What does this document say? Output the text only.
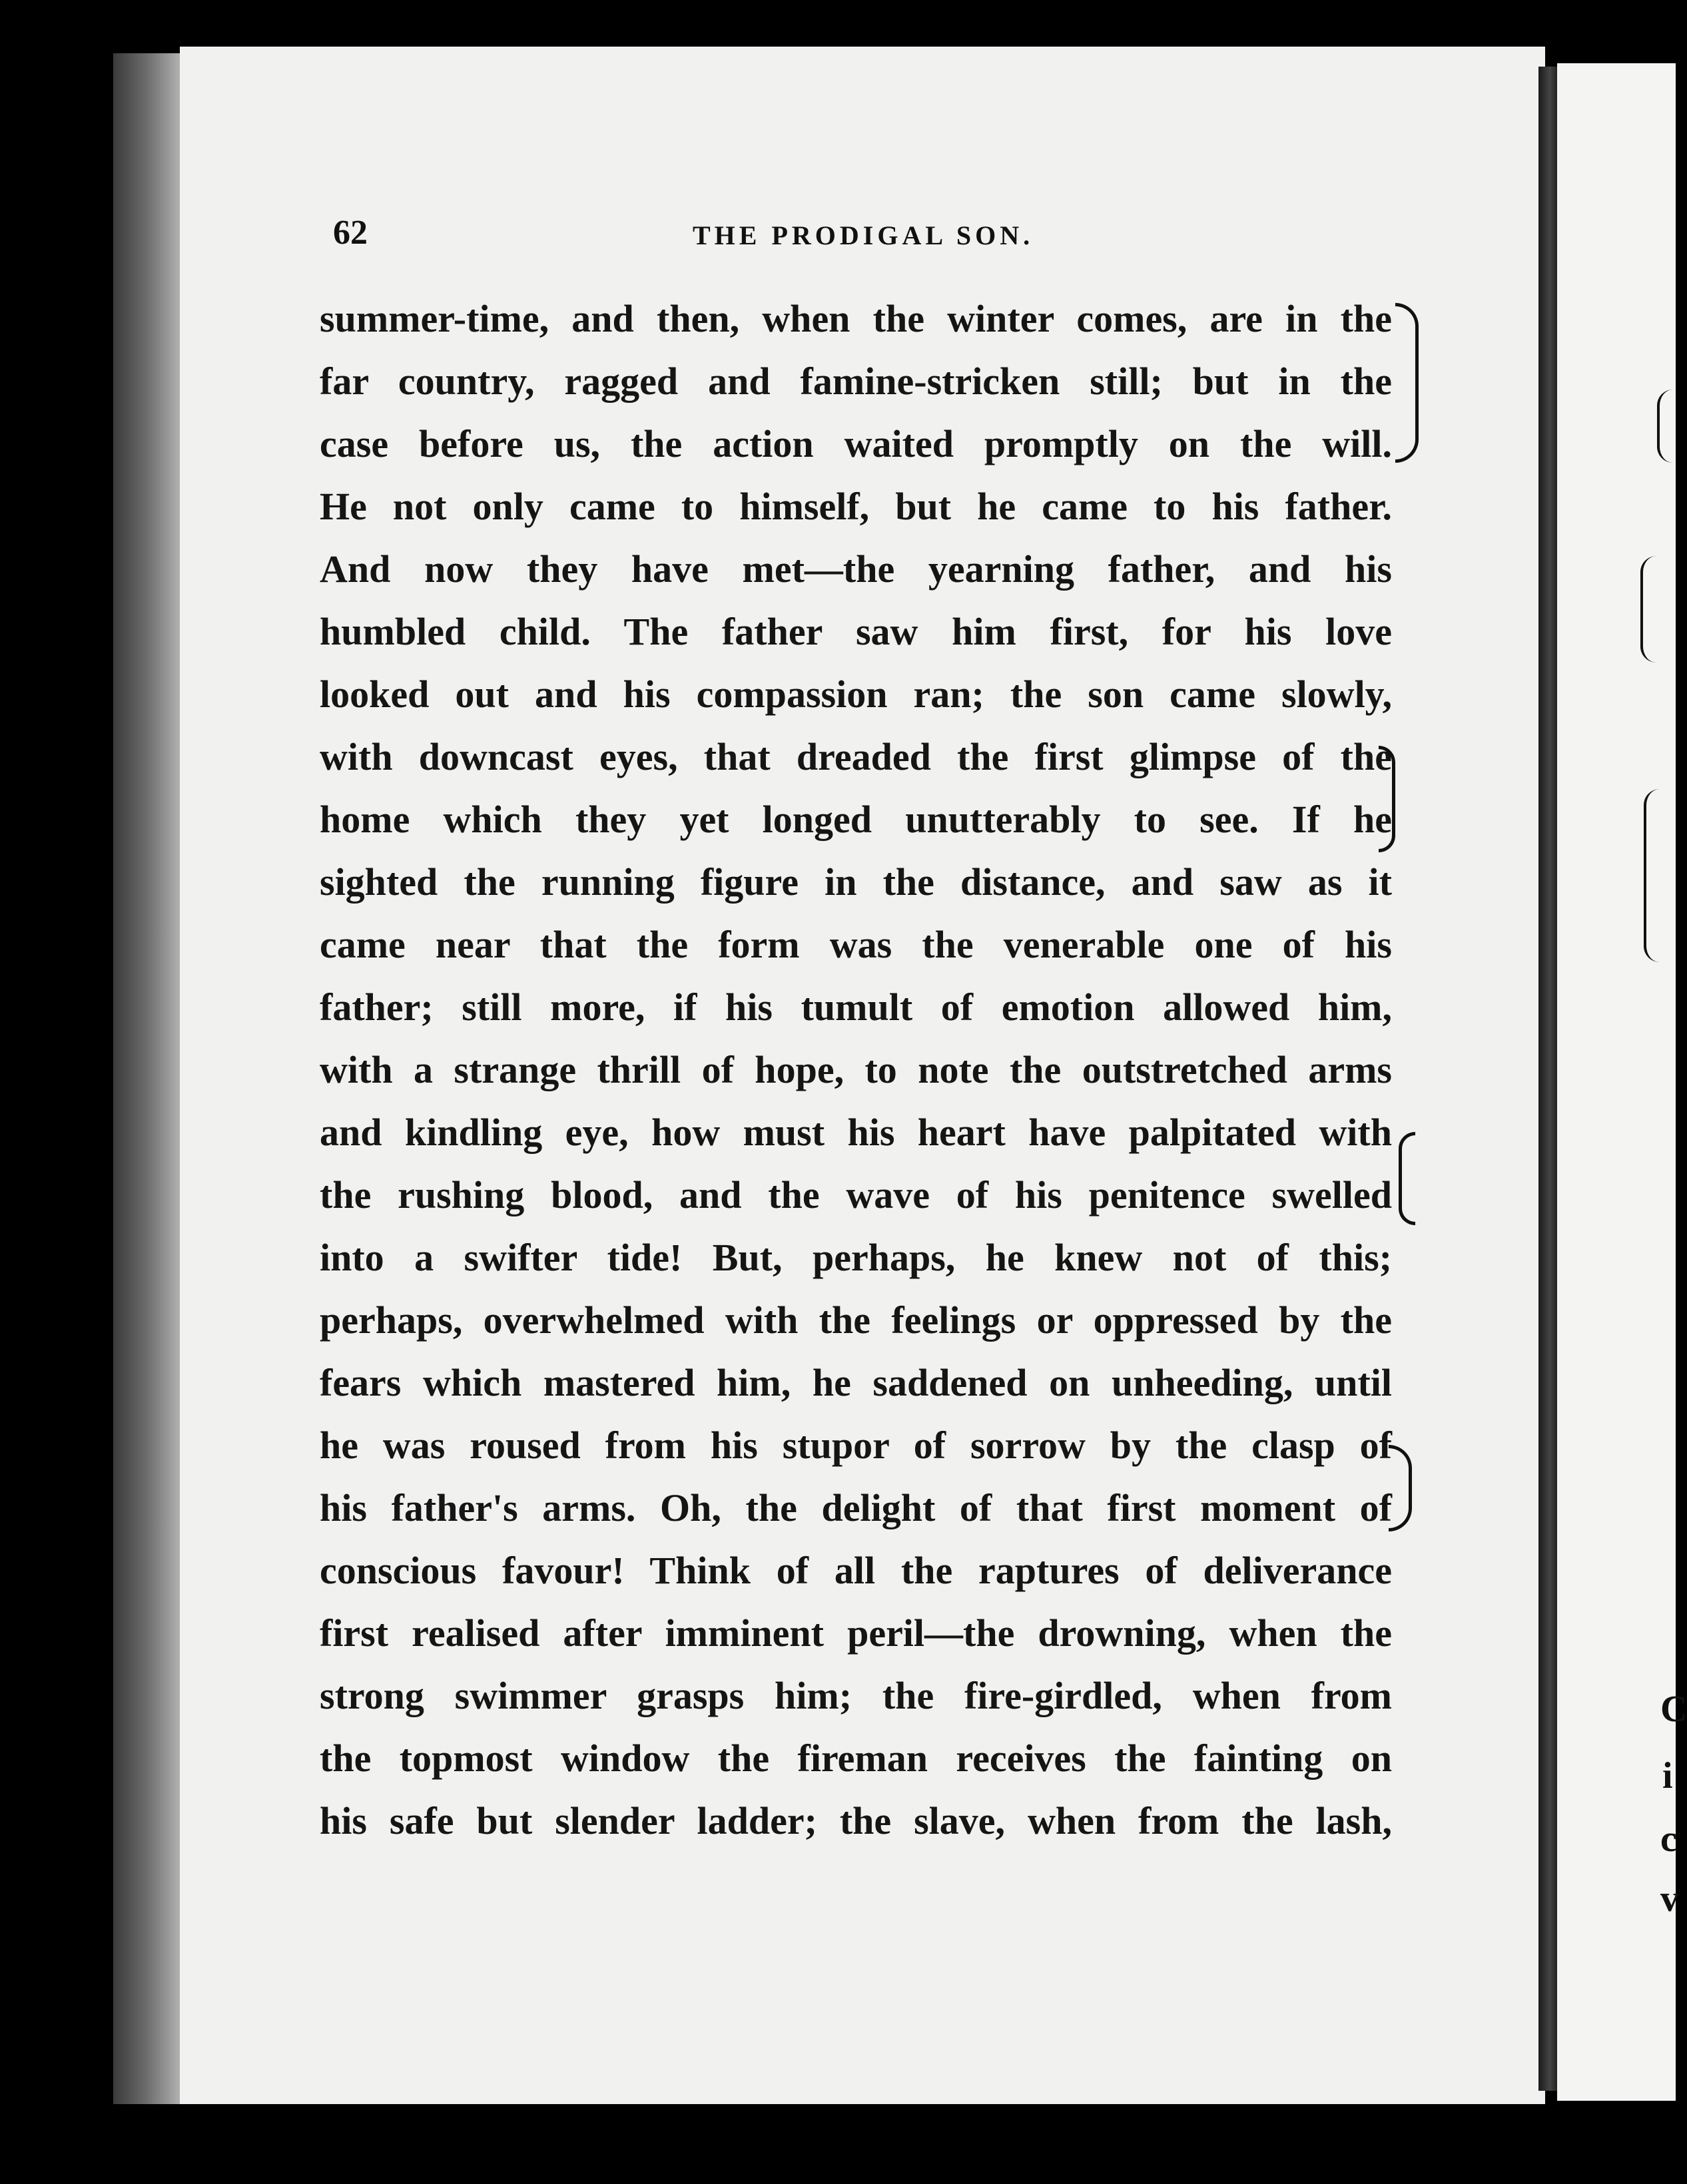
C
i
c
v
62	THE PRODIGAL SON.
summer-time, and then, when the winter comes, are in the
far country, ragged and famine-stricken still; but in the
case before us, the action waited promptly on the will.
He not only came to himself, but he came to his father.
And now they have met—the yearning father, and his
humbled child. The father saw him first, for his love
looked out and his compassion ran; the son came slowly,
with downcast eyes, that dreaded the first glimpse of the
home which they yet longed unutterably to see. If he
sighted the running figure in the distance, and saw as it
came near that the form was the venerable one of his
father; still more, if his tumult of emotion allowed him,
with a strange thrill of hope, to note the outstretched arms
and kindling eye, how must his heart have palpitated with
the rushing blood, and the wave of his penitence swelled
into a swifter tide! But, perhaps, he knew not of this;
perhaps, overwhelmed with the feelings or oppressed by the
fears which mastered him, he saddened on unheeding, until
he was roused from his stupor of sorrow by the clasp of
his father's arms. Oh, the delight of that first moment of
conscious favour! Think of all the raptures of deliverance
first realised after imminent peril—the drowning, when the
strong swimmer grasps him; the fire-girdled, when from
the topmost window the fireman receives the fainting on
his safe but slender ladder; the slave, when from the lash,
